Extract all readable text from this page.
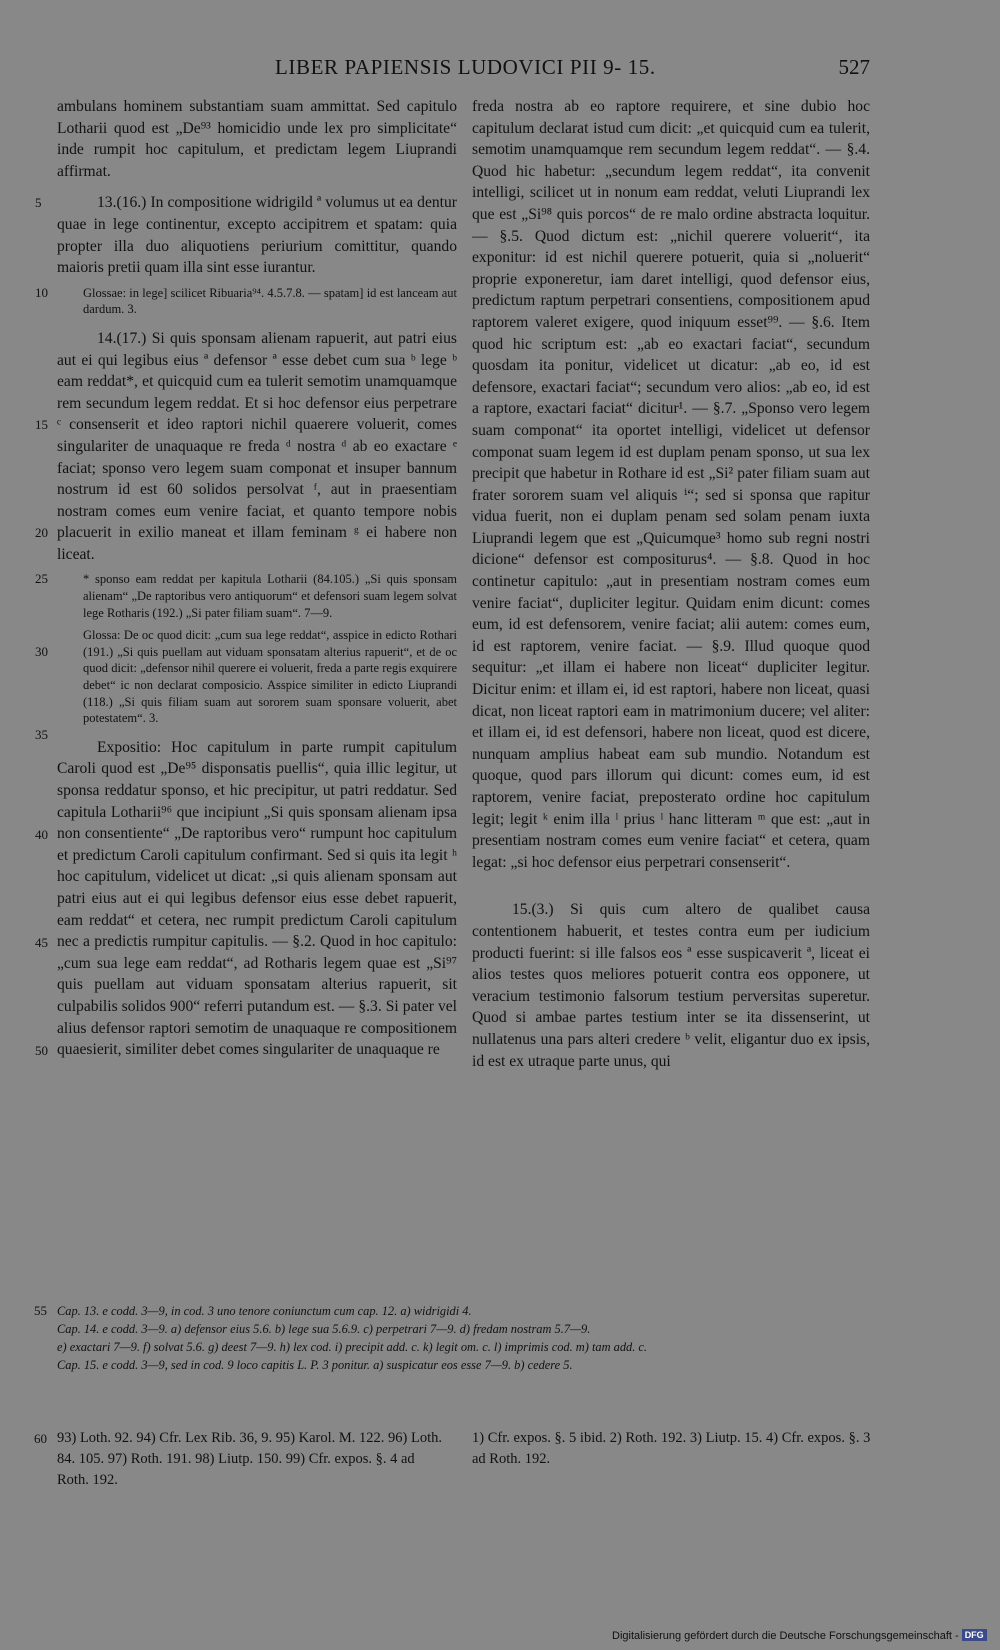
LIBER PAPIENSIS LUDOVICI PII 9- 15.	527

ambulans hominem substantiam suam ammittat. Sed capitulo Lotharii quod est „De⁹³ homicidio unde lex pro simplicitate“ inde rumpit hoc capitulum, et predictam legem Liuprandi affirmat.

5	13.(16.) In compositione widrigild ª volumus ut ea dentur quae in lege continentur, excepto accipitrem et spatam: quia propter illa duo aliquotiens periurium comittitur, quando maioris pretii quam illa sint esse iurantur.

10	Glossae: in lege] scilicet Ribuaria⁹⁴. 4.5.7.8. — spatam] id est lanceam aut dardum. 3.

15
20

14.(17.) Si quis sponsam alienam rapuerit, aut patri eius aut ei qui legibus eius ª defensor ª esse debet cum sua ᵇ lege ᵇ eam reddat*, et quicquid cum ea tulerit semotim unamquamque rem secundum legem reddat. Et si hoc defensor eius perpetrare ᶜ consenserit et ideo raptori nichil quaerere voluerit, comes singulariter de unaquaque re freda ᵈ nostra ᵈ ab eo exactare ᵉ faciat; sponso vero legem suam componat et insuper bannum nostrum id est 60 solidos persolvat ᶠ, aut in praesentiam nostram comes eum venire faciat, et quanto tempore nobis placuerit in exilio maneat et illam feminam ᵍ ei habere non liceat.

25	* sponso eam reddat per kapitula Lotharii (84.105.) „Si quis sponsam alienam“ „De raptoribus vero antiquorum“ et defensori suam legem solvat lege Rotharis (192.) „Si pater filiam suam“. 7—9.

30
35

Glossa: De oc quod dicit: „cum sua lege reddat“, asspice in edicto Rothari (191.) „Si quis puellam aut viduam sponsatam alterius rapuerit“, et de oc quod dicit: „defensor nihil querere ei voluerit, freda a parte regis exquirere debet“ ic non declarat composicio. Asspice similiter in edicto Liuprandi (118.) „Si quis filiam suam aut sororem suam sponsare voluerit, abet potestatem“. 3.

40
45
50

Expositio: Hoc capitulum in parte rumpit capitulum Caroli quod est „De⁹⁵ disponsatis puellis“, quia illic legitur, ut sponsa reddatur sponso, et hic precipitur, ut patri reddatur. Sed capitula Lotharii⁹⁶ que incipiunt „Si quis sponsam alienam ipsa non consentiente“ „De raptoribus vero“ rumpunt hoc capitulum et predictum Caroli capitulum confirmant. Sed si quis ita legit ʰ hoc capitulum, videlicet ut dicat: „si quis alienam sponsam aut patri eius aut ei qui legibus defensor eius esse debet rapuerit, eam reddat“ et cetera, nec rumpit predictum Caroli capitulum nec a predictis rumpitur capitulis. — §.2. Quod in hoc capitulo: „cum sua lege eam reddat“, ad Rotharis legem quae est „Si⁹⁷ quis puellam aut viduam sponsatam alterius rapuerit, sit culpabilis solidos 900“ referri putandum est. — §.3. Si pater vel alius defensor raptori semotim de unaquaque re compositionem quaesierit, similiter debet comes singulariter de unaquaque re

freda nostra ab eo raptore requirere, et sine dubio hoc capitulum declarat istud cum dicit: „et quicquid cum ea tulerit, semotim unamquamque rem secundum legem reddat“. — §.4. Quod hic habetur: „secundum legem reddat“, ita convenit intelligi, scilicet ut in nonum eam reddat, veluti Liuprandi lex que est „Si⁹⁸ quis porcos“ de re malo ordine abstracta loquitur. — §.5. Quod dictum est: „nichil querere voluerit“, ita exponitur: id est nichil querere potuerit, quia si „noluerit“ proprie exponeretur, iam daret intelligi, quod defensor eius, predictum raptum perpetrari consentiens, compositionem apud raptorem valeret exigere, quod iniquum esset⁹⁹. — §.6. Item quod hic scriptum est: „ab eo exactari faciat“, secundum quosdam ita ponitur, videlicet ut dicatur: „ab eo, id est defensore, exactari faciat“; secundum vero alios: „ab eo, id est a raptore, exactari faciat“ dicitur¹. — §.7. „Sponso vero legem suam componat“ ita oportet intelligi, videlicet ut defensor componat suam legem id est duplam penam sponso, ut sua lex precipit que habetur in Rothare id est „Si² pater filiam suam aut frater sororem suam vel aliquis ⁱ“; sed si sponsa que rapitur vidua fuerit, non ei duplam penam sed solam penam iuxta Liuprandi legem que est „Quicumque³ homo sub regni nostri dicione“ defensor est compositurus⁴. — §.8. Quod in hoc continetur capitulo: „aut in presentiam nostram comes eum venire faciat“, dupliciter legitur. Quidam enim dicunt: comes eum, id est defensorem, venire faciat; alii autem: comes eum, id est raptorem, venire faciat. — §.9. Illud quoque quod sequitur: „et illam ei habere non liceat“ dupliciter legitur. Dicitur enim: et illam ei, id est raptori, habere non liceat, quasi dicat, non liceat raptori eam in matrimonium ducere; vel aliter: et illam ei, id est defensori, habere non liceat, quod est dicere, nunquam amplius habeat eam sub mundio. Notandum est quoque, quod pars illorum qui dicunt: comes eum, id est raptorem, venire faciat, preposterato ordine hoc capitulum legit; legit ᵏ enim illa ˡ prius ˡ hanc litteram ᵐ que est: „aut in presentiam nostram comes eum venire faciat“ et cetera, quam legat: „si hoc defensor eius perpetrari consenserit“.

15.(3.) Si quis cum altero de qualibet causa contentionem habuerit, et testes contra eum per iudicium producti fuerint: si ille falsos eos ª esse suspicaverit ª, liceat ei alios testes quos meliores potuerit contra eos opponere, ut veracium testimonio falsorum testium perversitas superetur. Quod si ambae partes testium inter se ita dissenserint, ut nullatenus una pars alteri credere ᵇ velit, eligantur duo ex ipsis, id est ex utraque parte unus, qui

55 Cap. 13. e codd. 3—9, in cod. 3 uno tenore coniunctum cum cap. 12. a) widrigidi 4.

Cap. 14. e codd. 3—9. a) defensor eius 5.6. b) lege sua 5.6.9. c) perpetrari 7—9. d) fredam nostram 5.7—9.

e) exactari 7—9. f) solvat 5.6. g) deest 7—9. h) lex cod. i) precipit add. c. k) legit om. c. l) imprimis cod. m) tam add. c.

Cap. 15. e codd. 3—9, sed in cod. 9 loco capitis L. P. 3 ponitur. a) suspicatur eos esse 7—9. b) cedere 5.

60 93) Loth. 92. 94) Cfr. Lex Rib. 36, 9. 95) Karol. M. 122. 96) Loth. 84. 105. 97) Roth. 191. 98) Liutp. 150. 99) Cfr. expos. §. 4 ad Roth. 192.

1) Cfr. expos. §. 5 ibid. 2) Roth. 192. 3) Liutp. 15. 4) Cfr. expos. §. 3 ad Roth. 192.

Digitalisierung gefördert durch die Deutsche Forschungsgemeinschaft - DFG
